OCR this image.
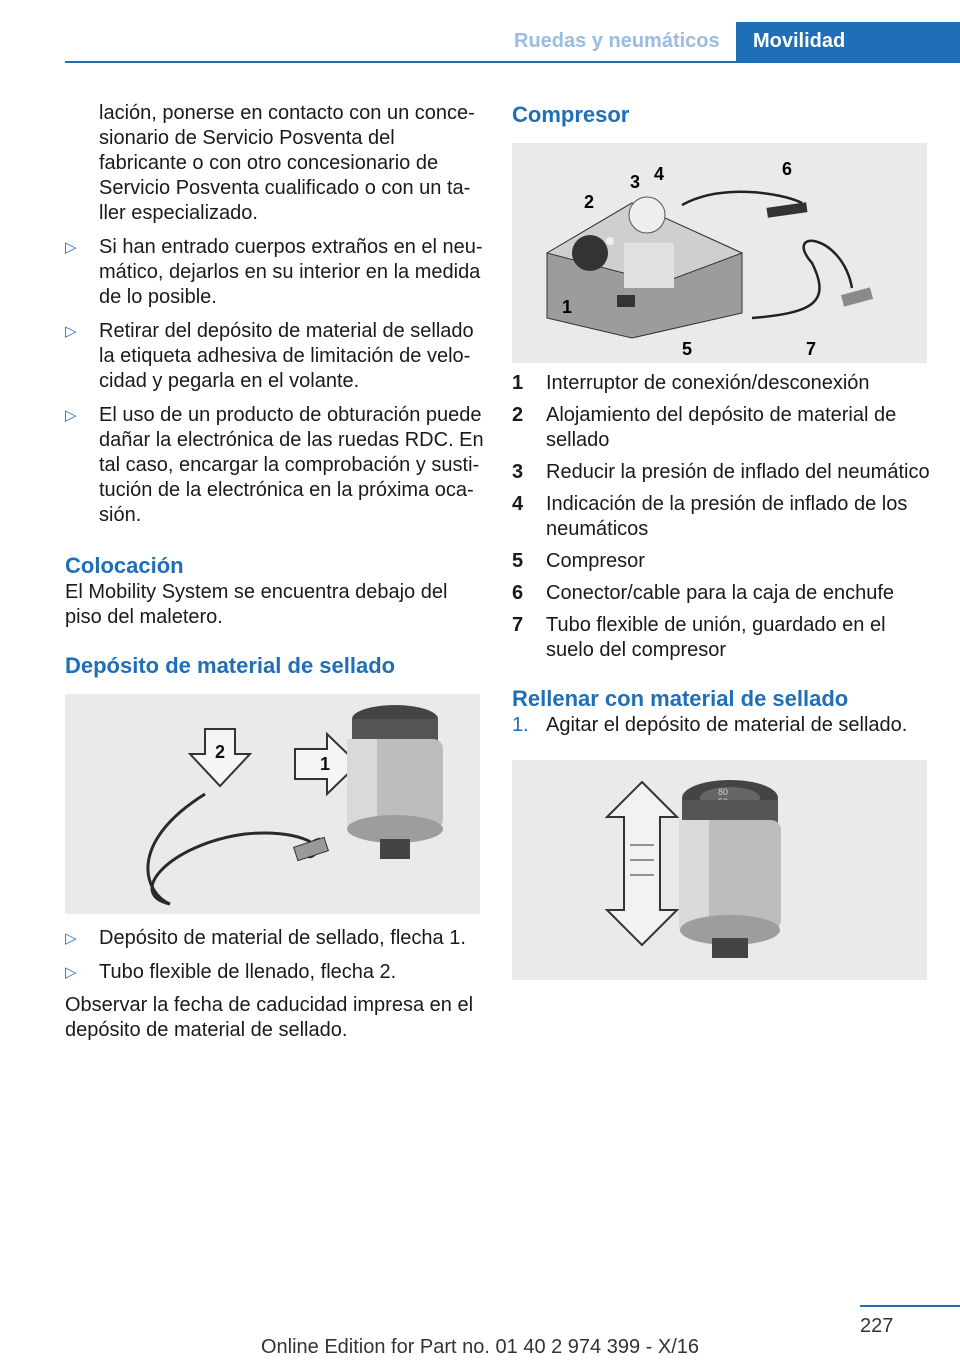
Ruedas y neumáticos	Movilidad

lación, ponerse en contacto con un conce-sionario de Servicio Posventa del fabricante o con otro concesionario de Servicio Posventa cualificado o con un ta-ller especializado.

▷ Si han entrado cuerpos extraños en el neu-mático, dejarlos en su interior en la medida de lo posible.
▷ Retirar del depósito de material de sellado la etiqueta adhesiva de limitación de velo-cidad y pegarla en el volante.
▷ El uso de un producto de obturación puede dañar la electrónica de las ruedas RDC. En tal caso, encargar la comprobación y susti-tución de la electrónica en la próxima oca-sión.
Colocación

El Mobility System se encuentra debajo del piso del maletero.

Depósito de material de sellado
2
1
▷ Depósito de material de sellado, flecha 1.
▷ Tubo flexible de llenado, flecha 2.

Observar la fecha de caducidad impresa en el depósito de material de sellado.

Compresor
1
2
3 4
5
6
7
1 Interruptor de conexión/desconexión
2 Alojamiento del depósito de material de sellado
3 Reducir la presión de inflado del neumático
4 Indicación de la presión de inflado de los neumáticos
5 Compresor
6 Conector/cable para la caja de enchufe
7 Tubo flexible de unión, guardado en el suelo del compresor
Rellenar con material de sellado
1. Agitar el depósito de material de sellado.
80
227
Online Edition for Part no. 01 40 2 974 399 - X/16
